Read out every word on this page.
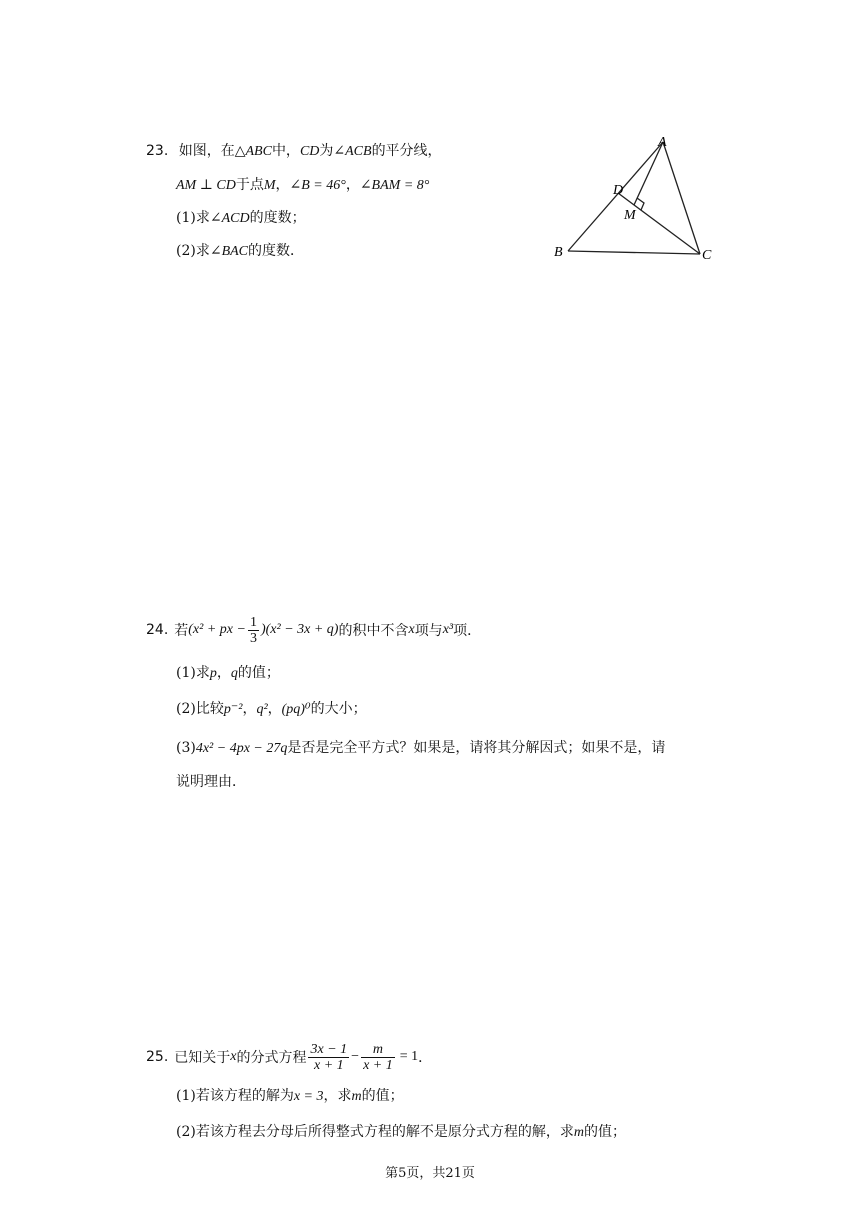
23. 如图，在△ABC中，CD为∠ACB的平分线，
AM ⊥ CD于点M，∠B = 46°，∠BAM = 8°
(1)求∠ACD的度数；
(2)求∠BAC的度数．
A
B	C
D
M
24. 若 (x² + px − $\frac{1}{3} )(x^2 - 3x + q)$ 的积中不含 x 项与 x³ 项．
(1)求p，q的值；
(2)比较p⁻²，q²，(pq)⁰的大小；
(3)4x² − 4px − 27q是否是完全平方式？如果是，请将其分解因式；如果不是，请
说明理由．
25. 已知关于 x 的分式方程 $\frac{3x - 1}{x + 1} - \frac{m}{x + 1} = 1$ ．
(1)若该方程的解为x = 3，求m的值；
(2)若该方程去分母后所得整式方程的解不是原分式方程的解，求m的值；
第5页，共21页
